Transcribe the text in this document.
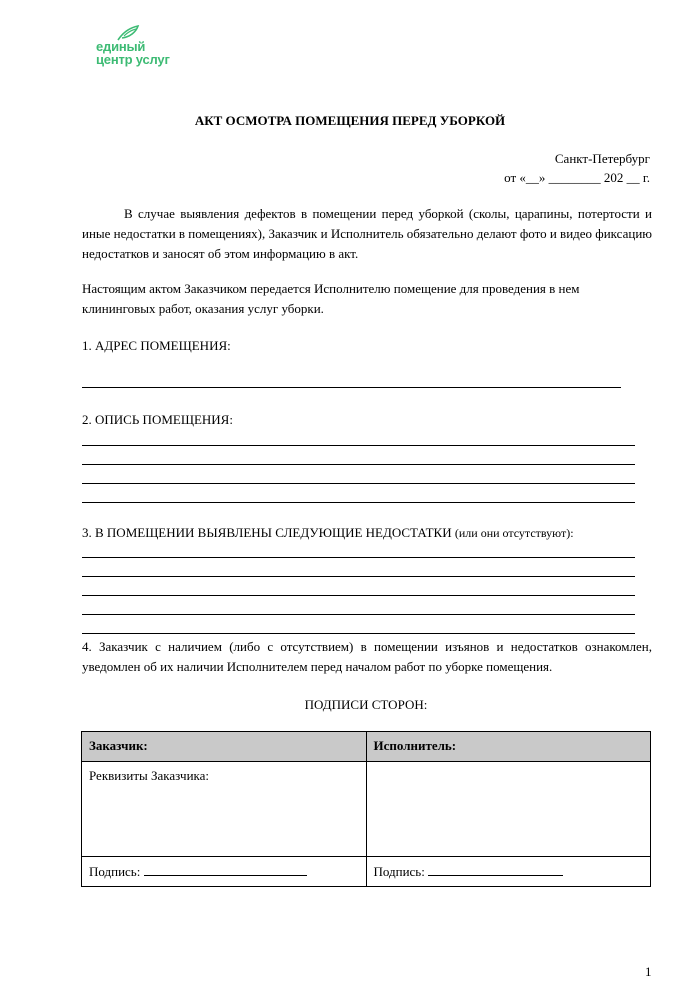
единый
центр услуг
АКТ ОСМОТРА ПОМЕЩЕНИЯ ПЕРЕД УБОРКОЙ
Санкт-Петербург
от «__» ________ 202 __ г.
В случае выявления дефектов в помещении перед уборкой (сколы, царапины, потертости и иные недостатки в помещениях), Заказчик и Исполнитель обязательно делают фото и видео фиксацию недостатков и заносят об этом информацию в акт.
Настоящим актом Заказчиком передается Исполнителю помещение для проведения в нем клининговых работ, оказания услуг уборки.
1. АДРЕС ПОМЕЩЕНИЯ:
2. ОПИСЬ ПОМЕЩЕНИЯ:
3. В ПОМЕЩЕНИИ ВЫЯВЛЕНЫ СЛЕДУЮЩИЕ НЕДОСТАТКИ (или они отсутствуют):
4. Заказчик с наличием (либо с отсутствием) в помещении изъянов и недостатков ознакомлен, уведомлен об их наличии Исполнителем перед началом работ по уборке помещения.
ПОДПИСИ СТОРОН:
Заказчик:	Исполнитель:
Реквизиты Заказчика:	
Подпись:	Подпись:
1
